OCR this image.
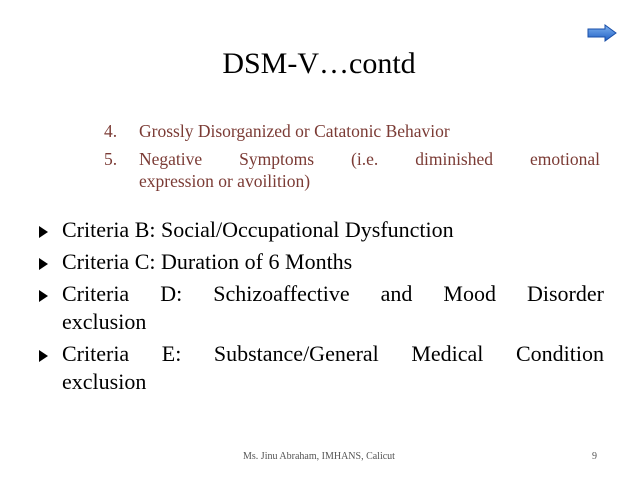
DSM-V…contd
4. Grossly Disorganized or Catatonic Behavior
5. Negative Symptoms (i.e. diminished emotional
expression or avoilition)
Criteria B: Social/Occupational Dysfunction
Criteria C: Duration of 6 Months
Criteria D: Schizoaffective and Mood Disorder
exclusion
Criteria E: Substance/General Medical Condition
exclusion
Ms. Jinu Abraham, IMHANS, Calicut	9
